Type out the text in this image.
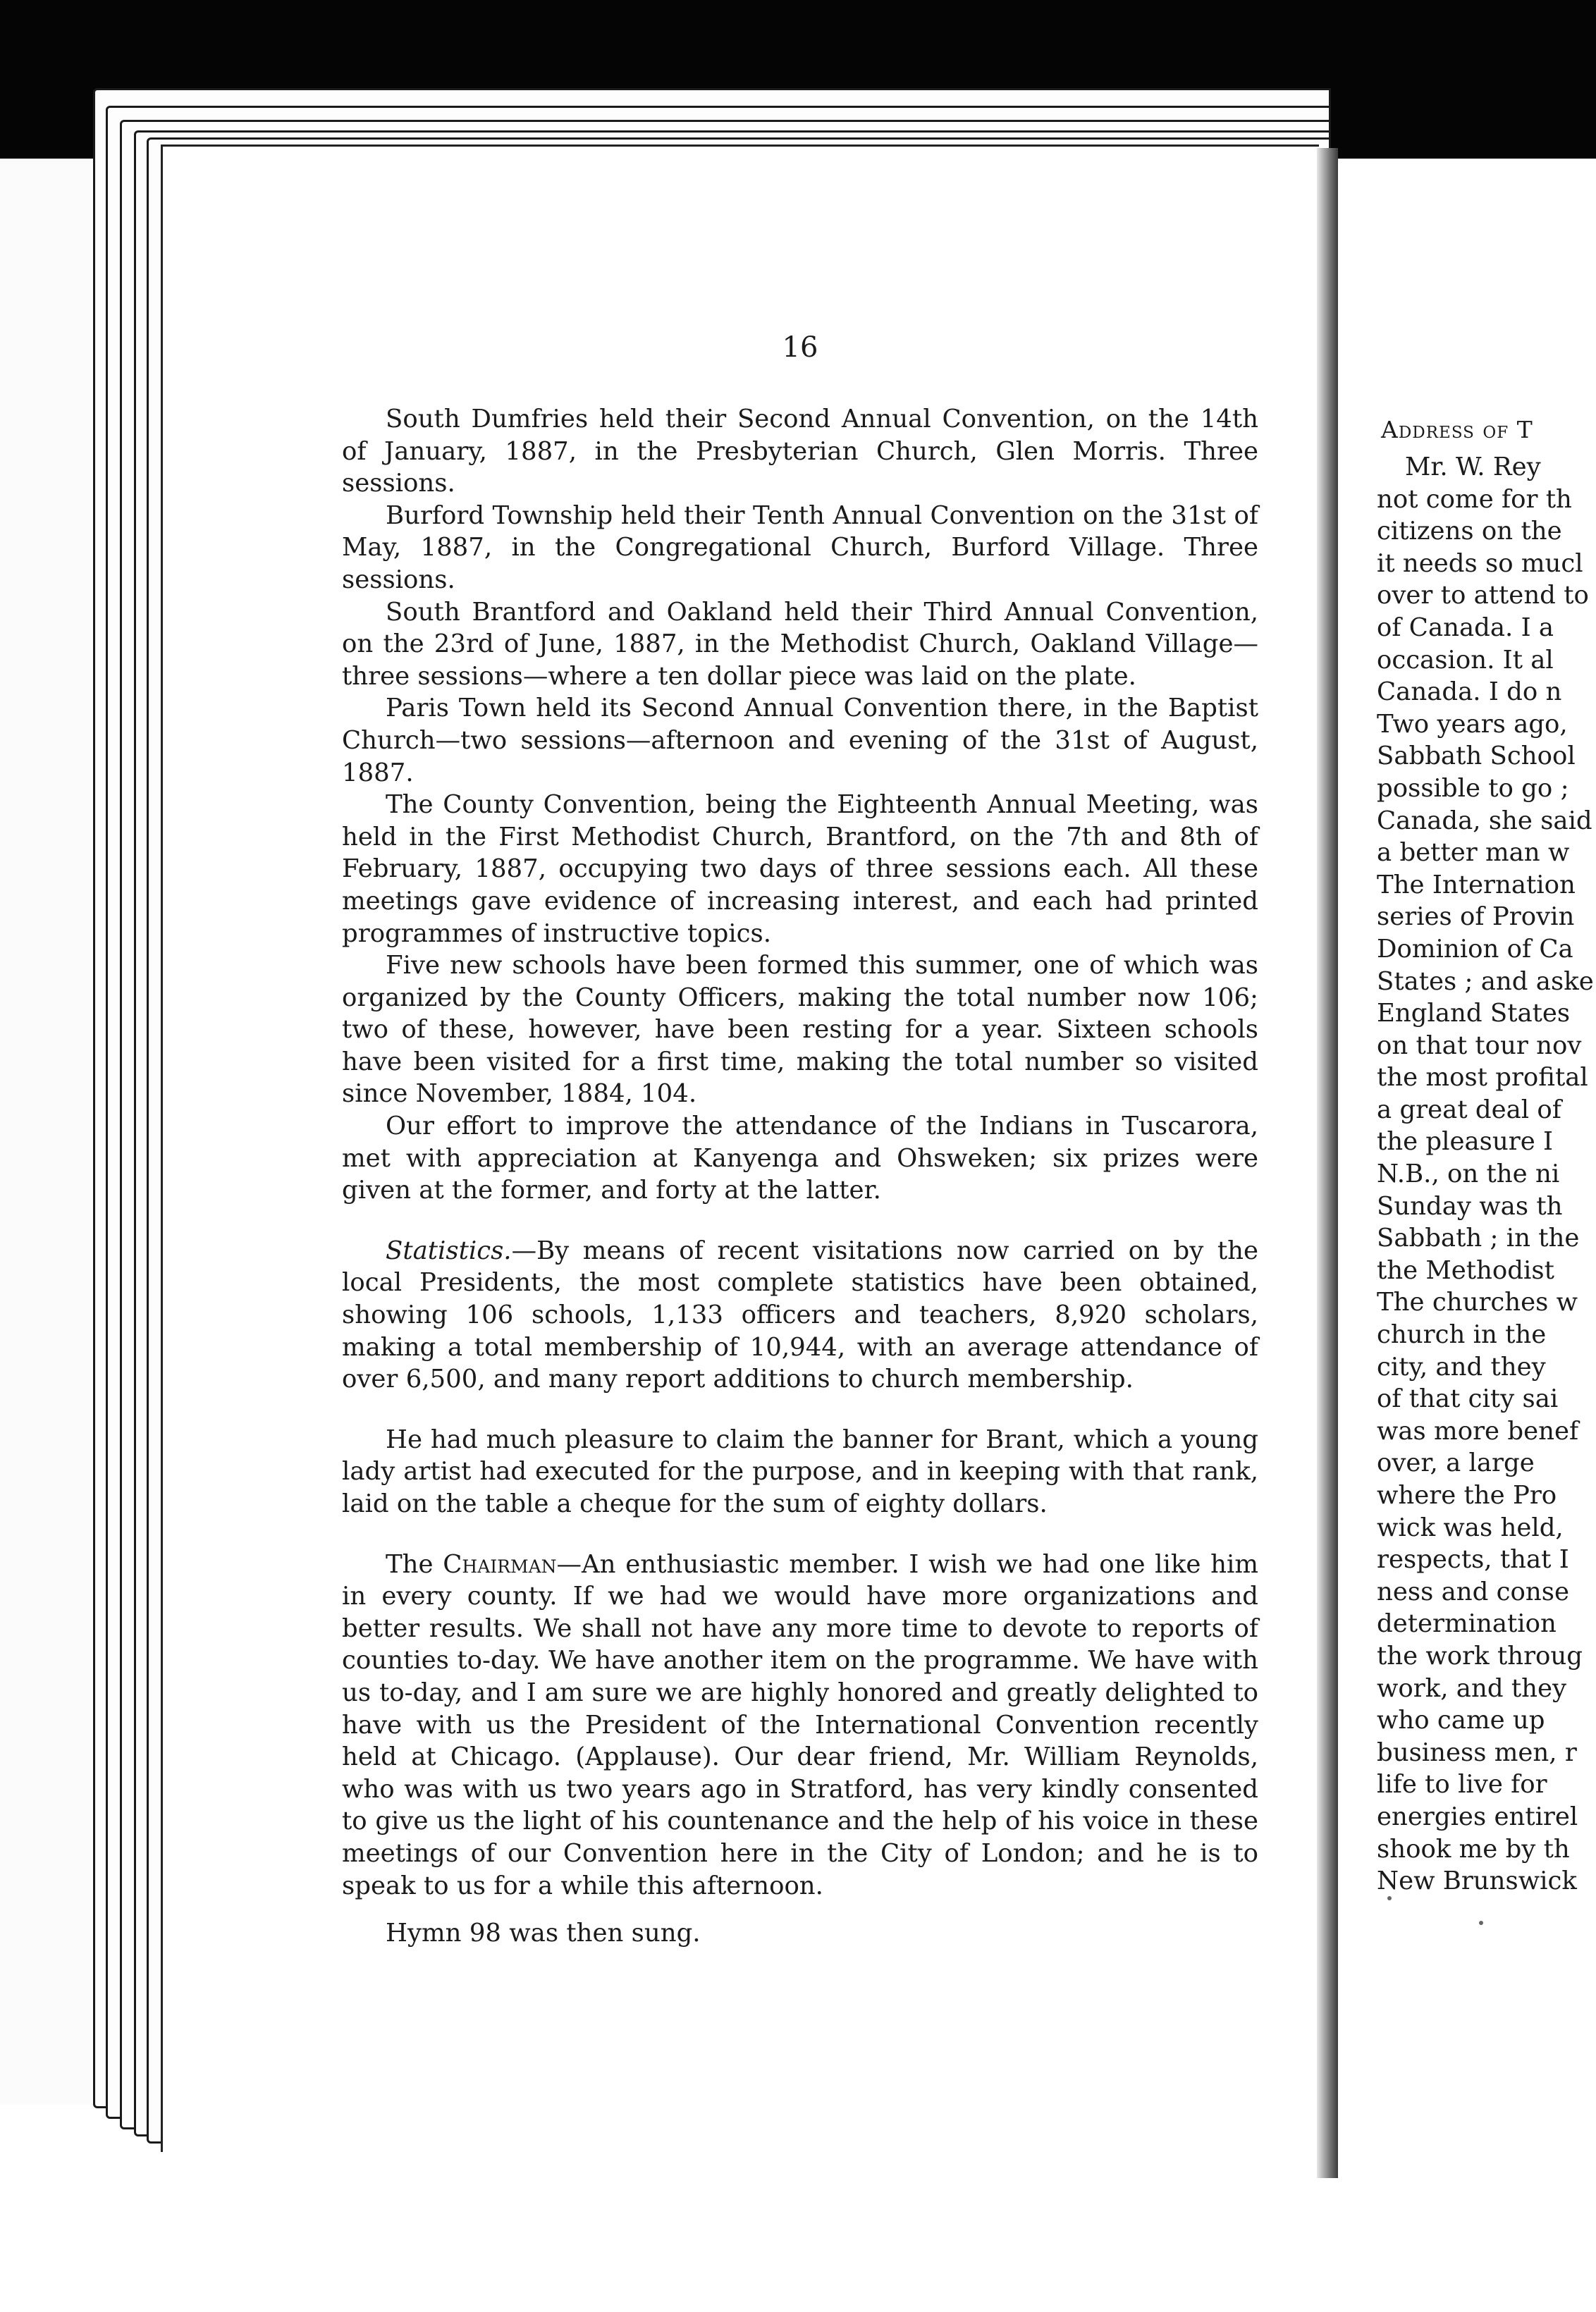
16

South Dumfries held their Second Annual Convention, on the 14th of January, 1887, in the Presbyterian Church, Glen Morris. Three sessions.

Burford Township held their Tenth Annual Convention on the 31st of May, 1887, in the Congregational Church, Burford Village. Three sessions.

South Brantford and Oakland held their Third Annual Convention, on the 23rd of June, 1887, in the Methodist Church, Oakland Village—three sessions—where a ten dollar piece was laid on the plate.

Paris Town held its Second Annual Convention there, in the Baptist Church—two sessions—afternoon and evening of the 31st of August, 1887.

The County Convention, being the Eighteenth Annual Meeting, was held in the First Methodist Church, Brantford, on the 7th and 8th of February, 1887, occupying two days of three sessions each. All these meetings gave evidence of increasing interest, and each had printed programmes of instructive topics.

Five new schools have been formed this summer, one of which was organized by the County Officers, making the total number now 106; two of these, however, have been resting for a year. Sixteen schools have been visited for a first time, making the total number so visited since November, 1884, 104.

Our effort to improve the attendance of the Indians in Tuscarora, met with appreciation at Kanyenga and Ohsweken; six prizes were given at the former, and forty at the latter.

Statistics.—By means of recent visitations now carried on by the local Presidents, the most complete statistics have been obtained, showing 106 schools, 1,133 officers and teachers, 8,920 scholars, making a total membership of 10,944, with an average attendance of over 6,500, and many report additions to church membership.

He had much pleasure to claim the banner for Brant, which a young lady artist had executed for the purpose, and in keeping with that rank, laid on the table a cheque for the sum of eighty dollars.

The Chairman—An enthusiastic member. I wish we had one like him in every county. If we had we would have more organizations and better results. We shall not have any more time to devote to reports of counties to-day. We have another item on the programme. We have with us to-day, and I am sure we are highly honored and greatly delighted to have with us the President of the International Convention recently held at Chicago. (Applause). Our dear friend, Mr. William Reynolds, who was with us two years ago in Stratford, has very kindly consented to give us the light of his countenance and the help of his voice in these meetings of our Convention here in the City of London; and he is to speak to us for a while this afternoon.

Hymn 98 was then sung.

Address of T

Mr. W. Rey

not come for th

citizens on the

it needs so mucl

over to attend to

of Canada. I a

occasion. It al

Canada. I do n

Two years ago,

Sabbath School

possible to go ;

Canada, she said

a better man w

The Internation

series of Provin

Dominion of Ca

States ; and aske

England States

on that tour nov

the most profital

a great deal of

the pleasure I

N.B., on the ni

Sunday was th

Sabbath ; in the

the Methodist

The churches w

church in the

city, and they

of that city sai

was more benef

over, a large

where the Pro

wick was held,

respects, that I

ness and conse

determination

the work throug

work, and they

who came up

business men, r

life to live for

energies entirel

shook me by th

New Brunswick
